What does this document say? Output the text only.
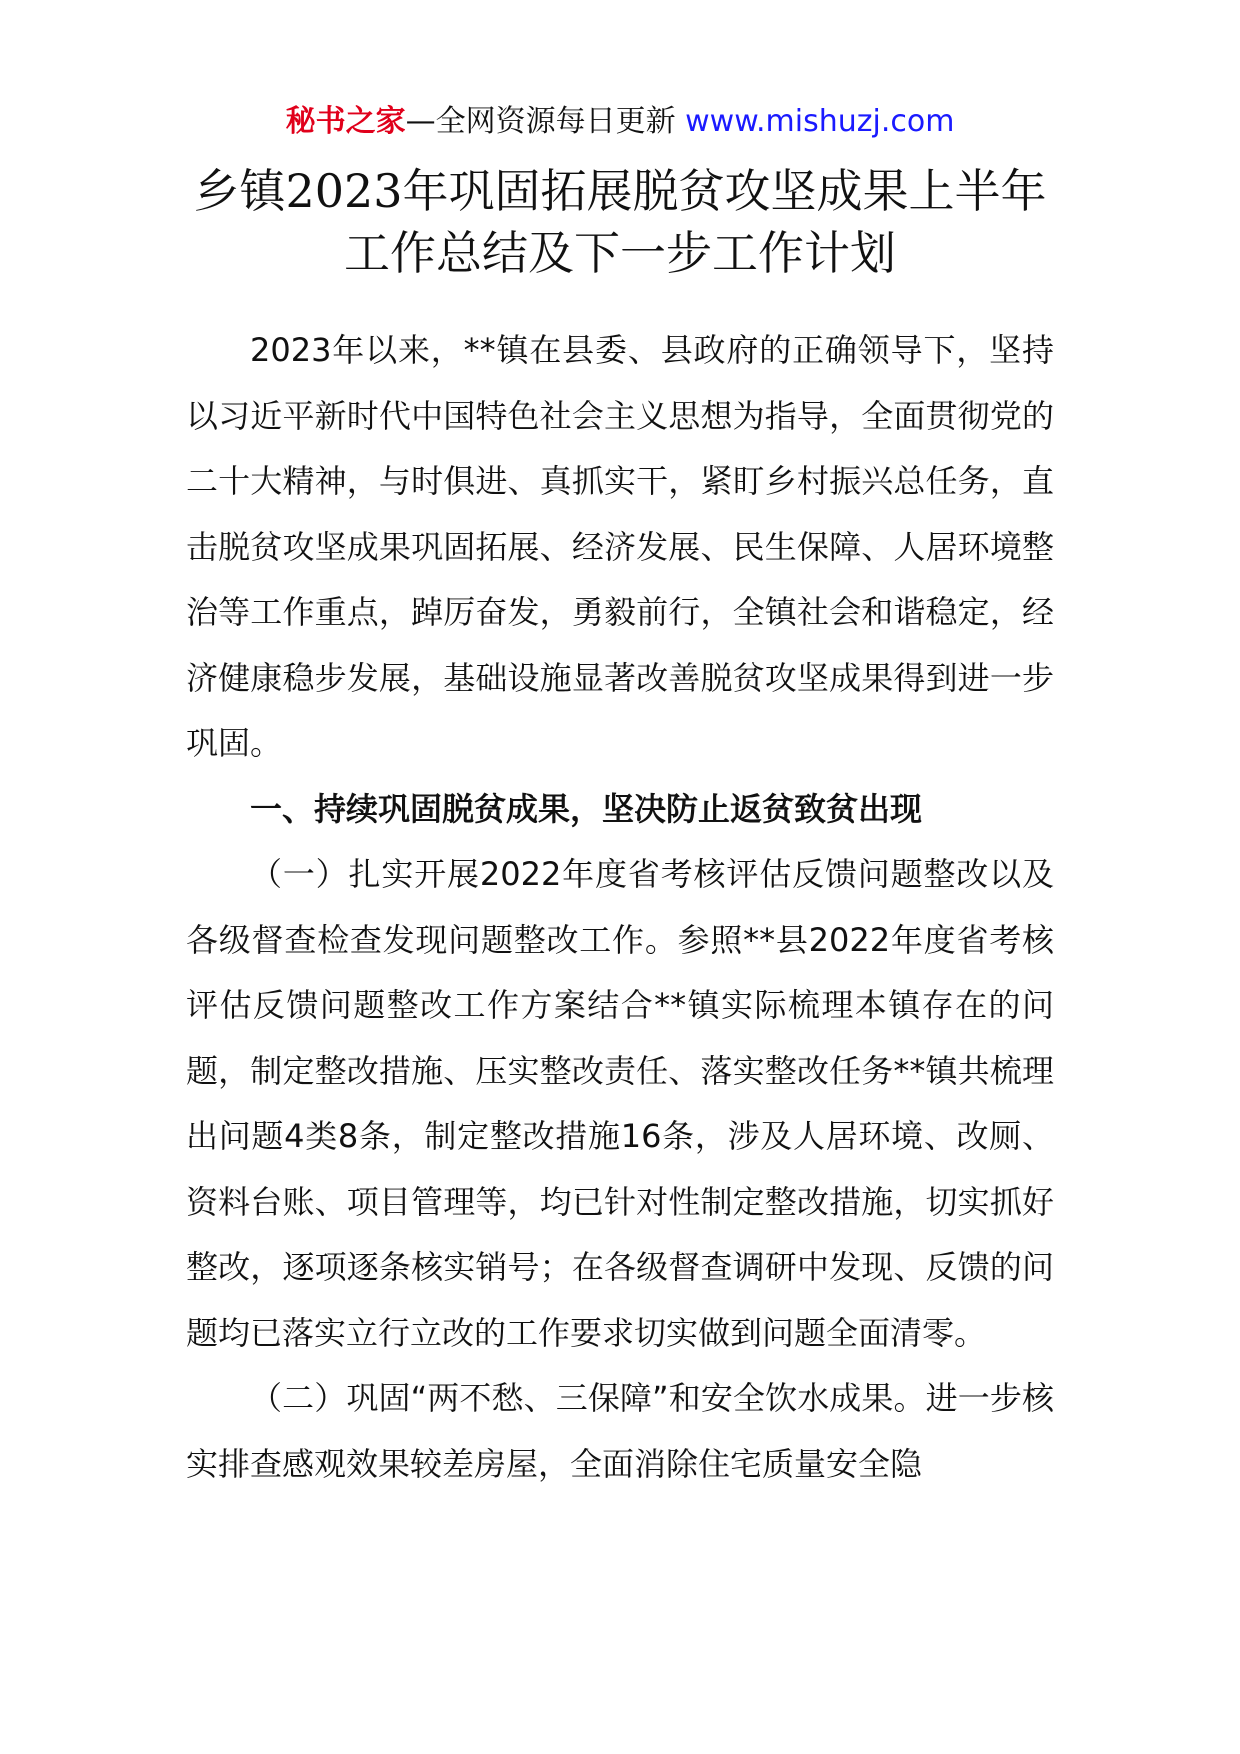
秘书之家—全网资源每日更新 www.mishuzj.com
乡镇2023年巩固拓展脱贫攻坚成果上半年
工作总结及下一步工作计划

2023年以来，**镇在县委、县政府的正确领导下，坚持以习近平新时代中国特色社会主义思想为指导，全面贯彻党的二十大精神，与时俱进、真抓实干，紧盯乡村振兴总任务，直击脱贫攻坚成果巩固拓展、经济发展、民生保障、人居环境整治等工作重点，踔厉奋发，勇毅前行，全镇社会和谐稳定，经济健康稳步发展，基础设施显著改善脱贫攻坚成果得到进一步巩固。

一、持续巩固脱贫成果，坚决防止返贫致贫出现

（一）扎实开展2022年度省考核评估反馈问题整改以及各级督查检查发现问题整改工作。参照**县2022年度省考核评估反馈问题整改工作方案结合**镇实际梳理本镇存在的问题，制定整改措施、压实整改责任、落实整改任务**镇共梳理出问题4类8条，制定整改措施16条，涉及人居环境、改厕、资料台账、项目管理等，均已针对性制定整改措施，切实抓好整改，逐项逐条核实销号；在各级督查调研中发现、反馈的问题均已落实立行立改的工作要求切实做到问题全面清零。

（二）巩固“两不愁、三保障”和安全饮水成果。进一步核实排查感观效果较差房屋，全面消除住宅质量安全隐
